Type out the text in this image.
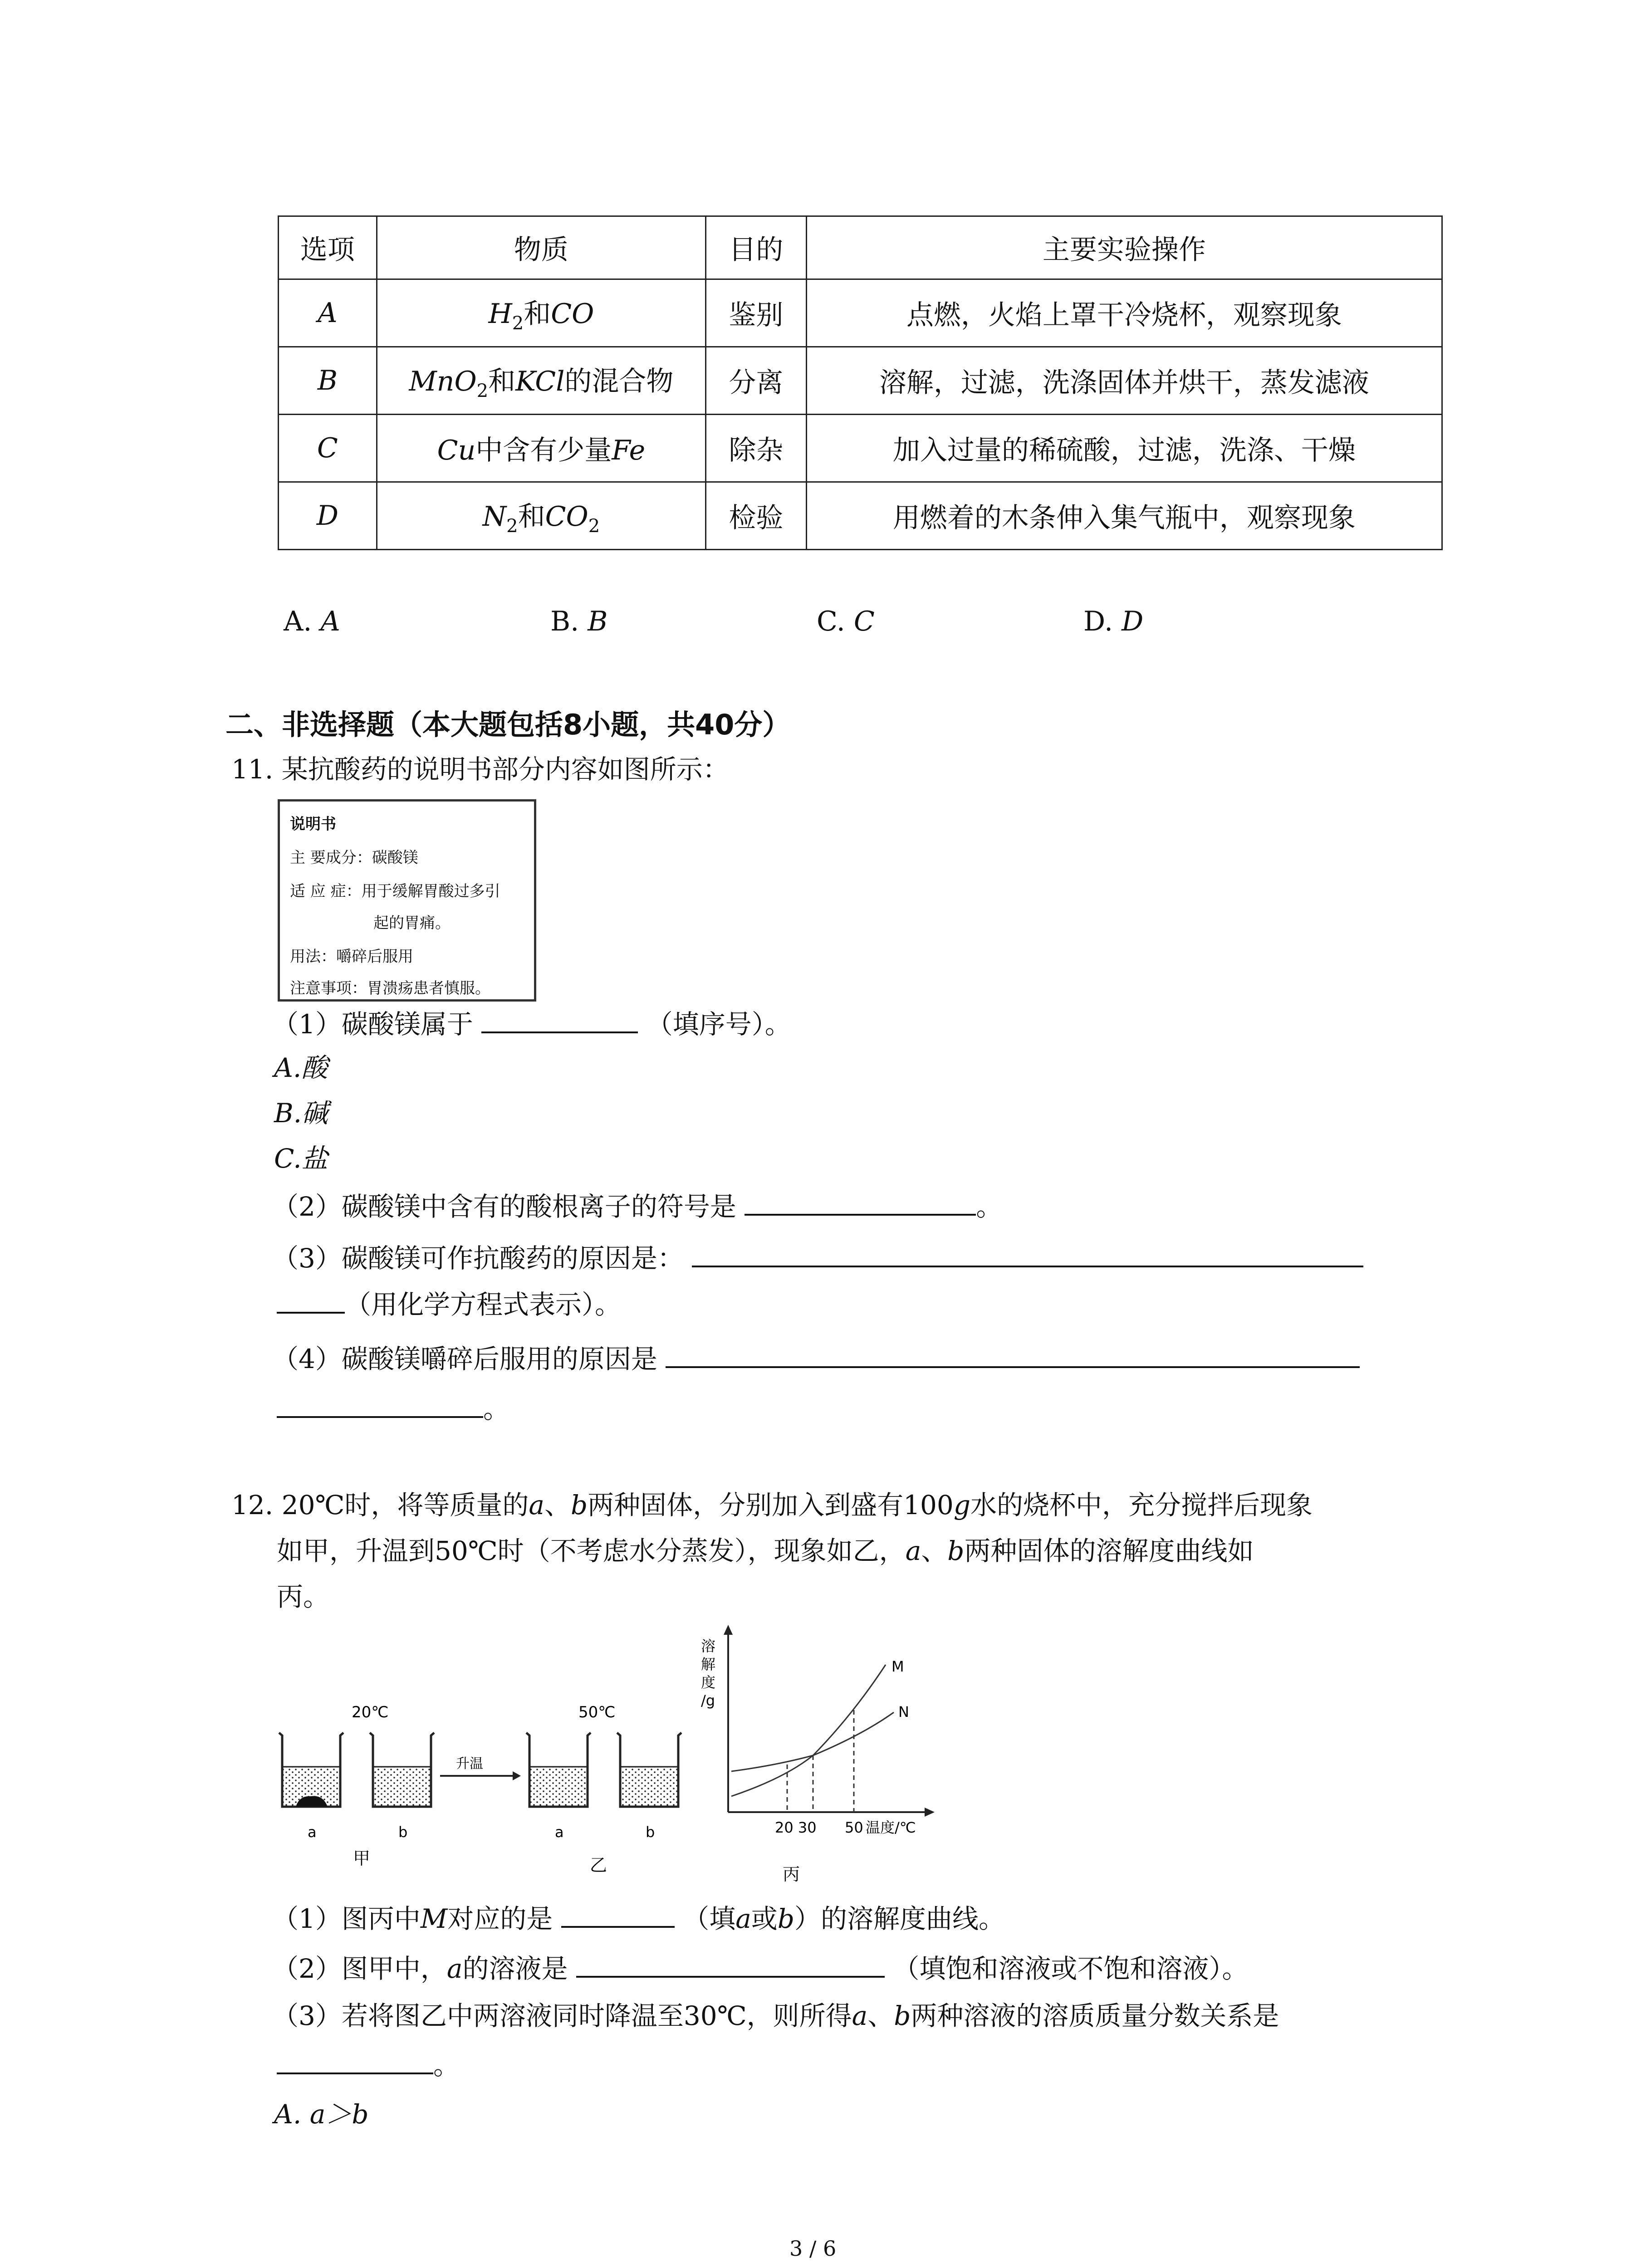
选项	物质	目的	主要实验操作
A	$H_2$和CO	鉴别	点燃，火焰上罩干冷烧杯，观察现象
B	MnO$_2$和KCl的混合物	分离	溶解，过滤，洗涤固体并烘干，蒸发滤液
C	Cu中含有少量Fe	除杂	加入过量的稀硫酸，过滤，洗涤、干燥
D	$N_2$和$CO_2$	检验	用燃着的木条伸入集气瓶中，观察现象
A. A	B. B	C. C	D. D
二、非选择题（本大题包括8小题，共40分）
11. 某抗酸药的说明书部分内容如图所示：
说明书
主 要成分：碳酸镁
适 应 症：用于缓解胃酸过多引
起的胃痛。
用法：嚼碎后服用
注意事项：胃溃疡患者慎服。
（1）碳酸镁属于	（填序号）。
A.酸
B.碱
C.盐
（2）碳酸镁中含有的酸根离子的符号是	。
（3）碳酸镁可作抗酸药的原因是：
（用化学方程式表示）。
（4）碳酸镁嚼碎后服用的原因是
。
12. 20℃时，将等质量的a、b两种固体，分别加入到盛有100g水的烧杯中，充分搅拌后现象
如甲，升温到50℃时（不考虑水分蒸发），现象如乙，a、b两种固体的溶解度曲线如
丙。
20℃	50℃
升温
a	b	a	b
甲	乙	丙
溶
解
度
/g
M
N
20 30 50 温度/℃
（1）图丙中M对应的是	（填a或b）的溶解度曲线。
（2）图甲中，a的溶液是	（填饱和溶液或不饱和溶液）。
（3）若将图乙中两溶液同时降温至30℃，则所得a、b两种溶液的溶质质量分数关系是
。
A. a＞b
3 / 6
